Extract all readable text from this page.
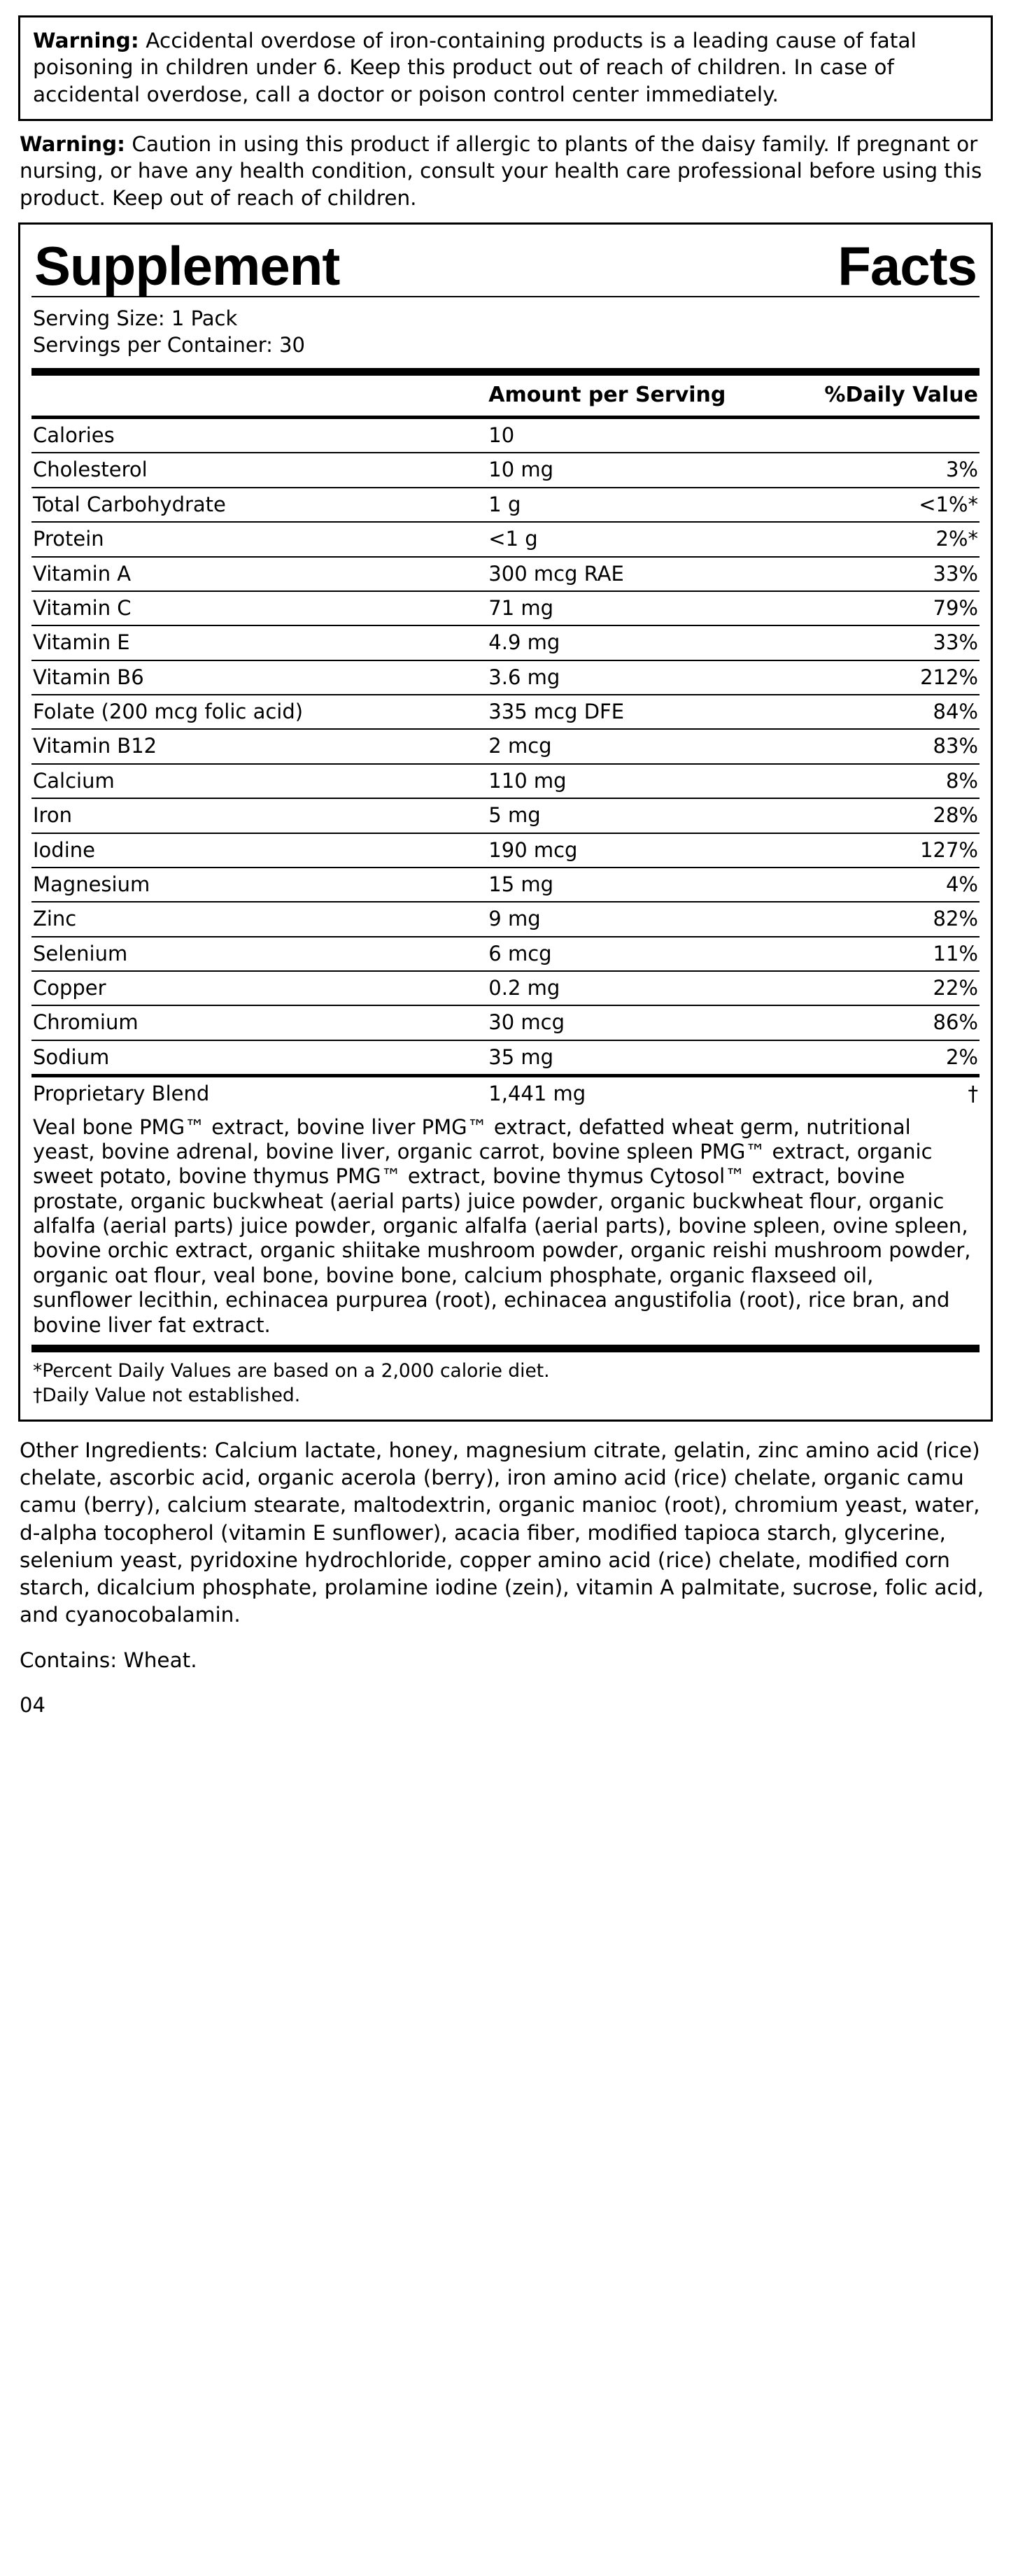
Warning: Accidental overdose of iron-containing products is a leading cause of fatal poisoning in children under 6. Keep this product out of reach of children. In case of accidental overdose, call a doctor or poison control center immediately.

Warning: Caution in using this product if allergic to plants of the daisy family. If pregnant or nursing, or have any health condition, consult your health care professional before using this product. Keep out of reach of children.

Supplement	Facts
Serving Size: 1 Pack
Servings per Container: 30
	Amount per Serving	%Daily Value
Calories	10	
Cholesterol	10 mg	3%
Total Carbohydrate	1 g	<1%*
Protein	<1 g	2%*
Vitamin A	300 mcg RAE	33%
Vitamin C	71 mg	79%
Vitamin E	4.9 mg	33%
Vitamin B6	3.6 mg	212%
Folate (200 mcg folic acid)	335 mcg DFE	84%
Vitamin B12	2 mcg	83%
Calcium	110 mg	8%
Iron	5 mg	28%
Iodine	190 mcg	127%
Magnesium	15 mg	4%
Zinc	9 mg	82%
Selenium	6 mcg	11%
Copper	0.2 mg	22%
Chromium	30 mcg	86%
Sodium	35 mg	2%
Proprietary Blend	1,441 mg	†
Veal bone PMG™ extract, bovine liver PMG™ extract, defatted wheat germ, nutritional yeast, bovine adrenal, bovine liver, organic carrot, bovine spleen PMG™ extract, organic sweet potato, bovine thymus PMG™ extract, bovine thymus Cytosol™ extract, bovine prostate, organic buckwheat (aerial parts) juice powder, organic buckwheat flour, organic alfalfa (aerial parts) juice powder, organic alfalfa (aerial parts), bovine spleen, ovine spleen, bovine orchic extract, organic shiitake mushroom powder, organic reishi mushroom powder, organic oat flour, veal bone, bovine bone, calcium phosphate, organic flaxseed oil, sunflower lecithin, echinacea purpurea (root), echinacea angustifolia (root), rice bran, and bovine liver fat extract.		
*Percent Daily Values are based on a 2,000 calorie diet.
†Daily Value not established.
Other Ingredients: Calcium lactate, honey, magnesium citrate, gelatin, zinc amino acid (rice) chelate, ascorbic acid, organic acerola (berry), iron amino acid (rice) chelate, organic camu camu (berry), calcium stearate, maltodextrin, organic manioc (root), chromium yeast, water, d-alpha tocopherol (vitamin E sunflower), acacia fiber, modified tapioca starch, glycerine, selenium yeast, pyridoxine hydrochloride, copper amino acid (rice) chelate, modified corn starch, dicalcium phosphate, prolamine iodine (zein), vitamin A palmitate, sucrose, folic acid, and cyanocobalamin.
Contains: Wheat.
04
